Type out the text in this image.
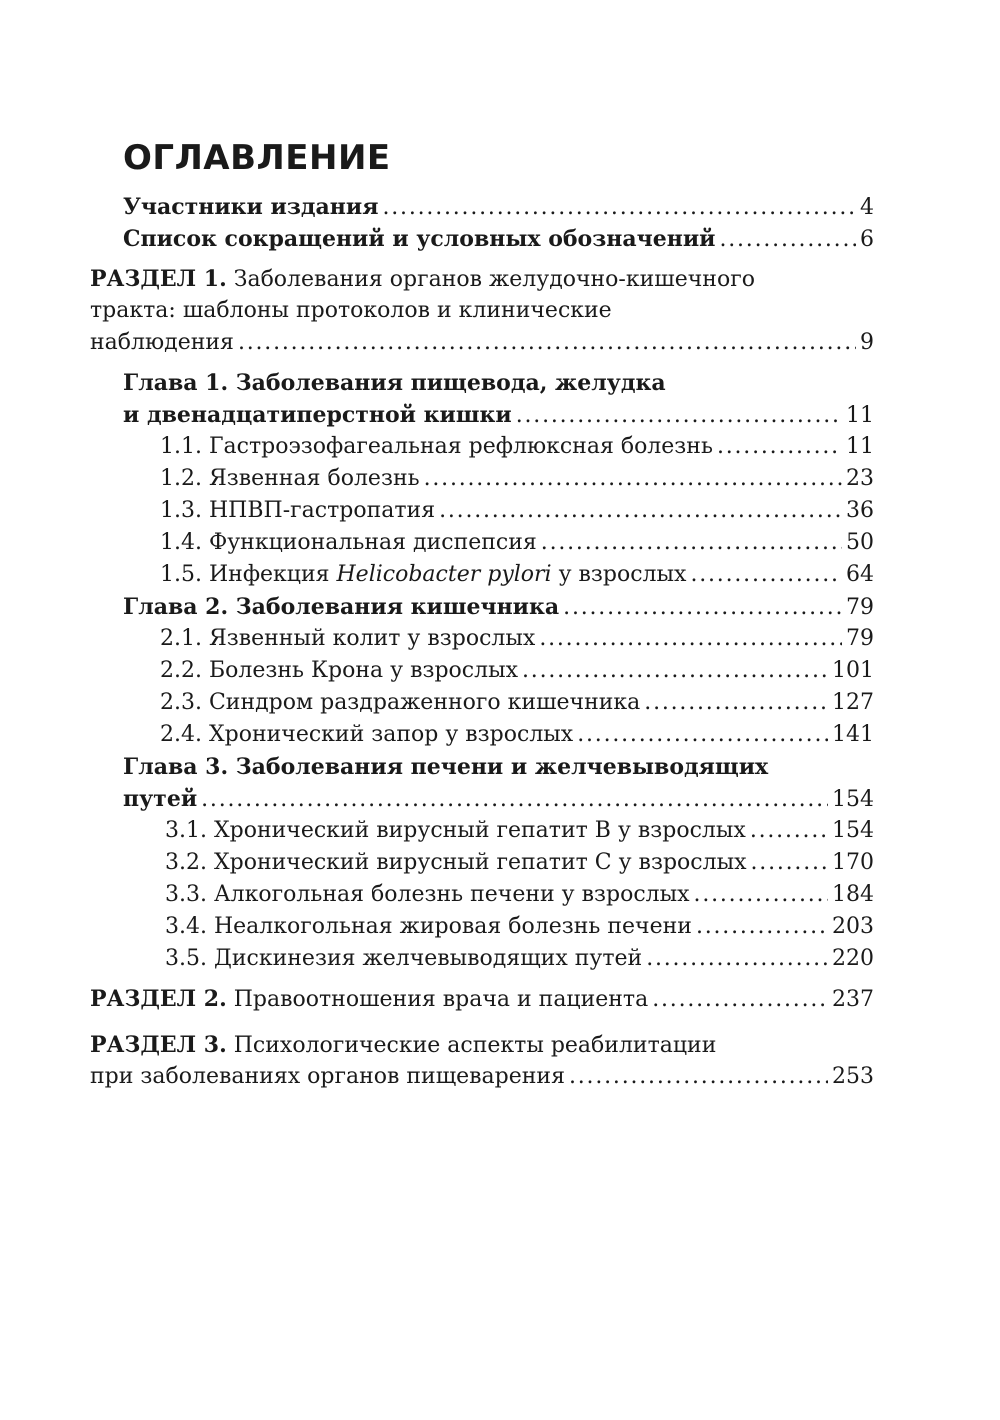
ОГЛАВЛЕНИЕ
Участники издания . . .	4
Список сокращений и условных обозначений . . .	6
РАЗДЕЛ 1. Заболевания органов желудочно-кишечного
тракта: шаблоны протоколов и клинические
наблюдения . . .	9
Глава 1. Заболевания пищевода, желудка
и двенадцатиперстной кишки . . .	11
1.1. Гастроэзофагеальная рефлюксная болезнь . . .	11
1.2. Язвенная болезнь . . .	23
1.3. НПВП-гастропатия . . .	36
1.4. Функциональная диспепсия . . .	50
1.5. Инфекция Helicobacter pylori у взрослых . . .	64
Глава 2. Заболевания кишечника . . .	79
2.1. Язвенный колит у взрослых . . .	79
2.2. Болезнь Крона у взрослых . . .	101
2.3. Синдром раздраженного кишечника . . .	127
2.4. Хронический запор у взрослых . . .	141
Глава 3. Заболевания печени и желчевыводящих
путей . . .	154
3.1. Хронический вирусный гепатит В у взрослых . . .	154
3.2. Хронический вирусный гепатит С у взрослых . . .	170
3.3. Алкогольная болезнь печени у взрослых . . .	184
3.4. Неалкогольная жировая болезнь печени . . .	203
3.5. Дискинезия желчевыводящих путей . . .	220
РАЗДЕЛ 2. Правоотношения врача и пациента . . .	237
РАЗДЕЛ 3. Психологические аспекты реабилитации
при заболеваниях органов пищеварения . . .	253
